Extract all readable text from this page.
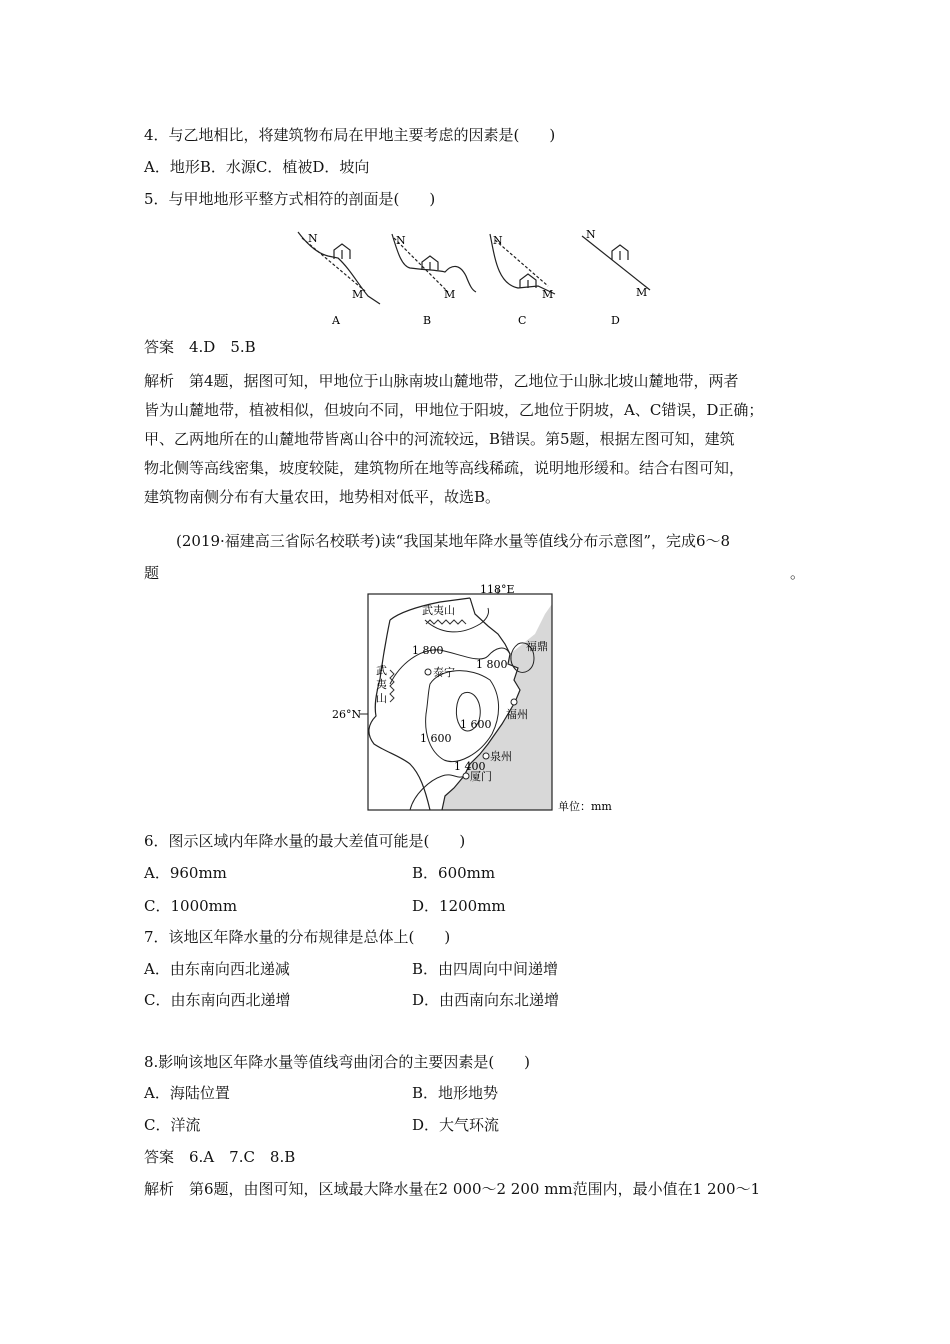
4．与乙地相比，将建筑物布局在甲地主要考虑的因素是(　　)
A．地形B．水源C．植被D．坡向
5．与甲地地形平整方式相符的剖面是(　　)
N
M
A
N
M
B
N
M
C
N
M
D
答案　4.D　5.B

解析　第4题，据图可知，甲地位于山脉南坡山麓地带，乙地位于山脉北坡山麓地带，两者

皆为山麓地带，植被相似，但坡向不同，甲地位于阳坡，乙地位于阴坡，A、C错误，D正确；

甲、乙两地所在的山麓地带皆离山谷中的河流较远，B错误。第5题，根据左图可知，建筑

物北侧等高线密集，坡度较陡，建筑物所在地等高线稀疏，说明地形缓和。结合右图可知，

建筑物南侧分布有大量农田，地势相对低平，故选B。

(2019·福建高三省际名校联考)读“我国某地年降水量等值线分布示意图”，完成6～8
题	。
118°E
26°N
武夷山
武
夷
山
1 800
1 800
1 600
1 600
1 400
泰宁
福鼎
福州
泉州
厦门
单位：mm
6．图示区域内年降水量的最大差值可能是(　　)
A．960mm	B．600mm
C．1000mm	D．1200mm
7．该地区年降水量的分布规律是总体上(　　)
A．由东南向西北递减	B．由四周向中间递增
C．由东南向西北递增	D．由西南向东北递增
8.影响该地区年降水量等值线弯曲闭合的主要因素是(　　)
A．海陆位置	B．地形地势
C．洋流	D．大气环流
答案　6.A　7.C　8.B
解析　第6题，由图可知，区域最大降水量在2 000～2 200 mm范围内，最小值在1 200～1
